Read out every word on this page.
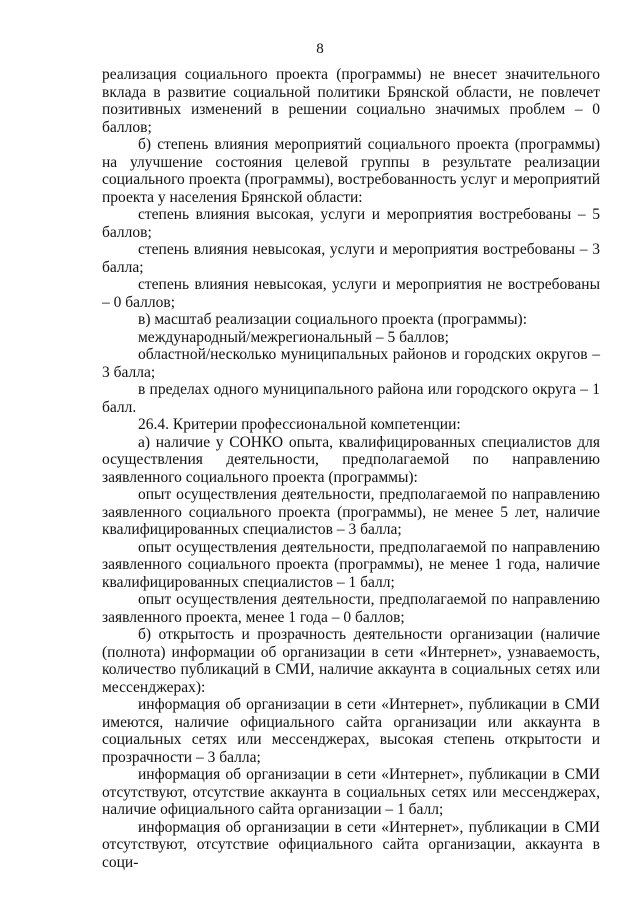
8

реализация социального проекта (программы) не внесет значительного вклада в развитие социальной политики Брянской области, не повлечет позитивных изменений в решении социально значимых проблем – 0 баллов;

б) степень влияния мероприятий социального проекта (программы) на улучшение состояния целевой группы в результате реализации социального проекта (программы), востребованность услуг и мероприятий проекта у населения Брянской области:

степень влияния высокая, услуги и мероприятия востребованы – 5 баллов;

степень влияния невысокая, услуги и мероприятия востребованы – 3 балла;

степень влияния невысокая, услуги и мероприятия не востребованы – 0 баллов;

в) масштаб реализации социального проекта (программы):

международный/межрегиональный – 5 баллов;

областной/несколько муниципальных районов и городских округов – 3 балла;

в пределах одного муниципального района или городского округа – 1 балл.

26.4. Критерии профессиональной компетенции:

а) наличие у СОНКО опыта, квалифицированных специалистов для осуществления деятельности, предполагаемой по направлению заявленного социального проекта (программы):

опыт осуществления деятельности, предполагаемой по направлению заявленного социального проекта (программы), не менее 5 лет, наличие квалифицированных специалистов – 3 балла;

опыт осуществления деятельности, предполагаемой по направлению заявленного социального проекта (программы), не менее 1 года, наличие квалифицированных специалистов – 1 балл;

опыт осуществления деятельности, предполагаемой по направлению заявленного проекта, менее 1 года – 0 баллов;

б) открытость и прозрачность деятельности организации (наличие (полнота) информации об организации в сети «Интернет», узнаваемость, количество публикаций в СМИ, наличие аккаунта в социальных сетях или мессенджерах):

информация об организации в сети «Интернет», публикации в СМИ имеются, наличие официального сайта организации или аккаунта в социальных сетях или мессенджерах, высокая степень открытости и прозрачности – 3 балла;

информация об организации в сети «Интернет», публикации в СМИ отсутствуют, отсутствие аккаунта в социальных сетях или мессенджерах, наличие официального сайта организации – 1 балл;

информация об организации в сети «Интернет», публикации в СМИ отсутствуют, отсутствие официального сайта организации, аккаунта в соци-
